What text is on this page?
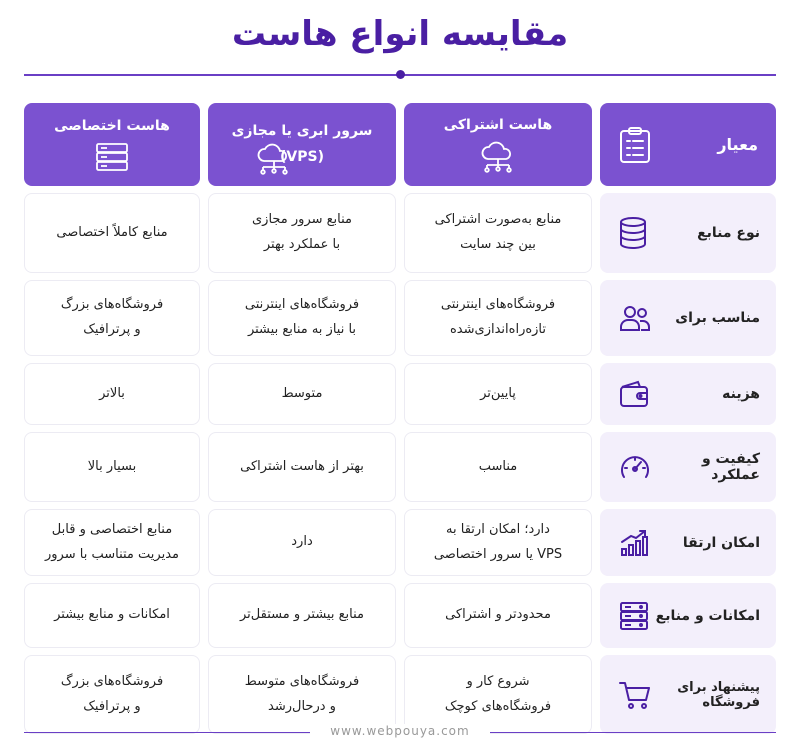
مقایسه انواع هاست
معیار
هاست اشتراکی
سرور ابری یا مجازی
(VPS)
هاست اختصاصی
نوع منابع
منابع به‌صورت اشتراکی
بین چند سایت
منابع سرور مجازی
با عملکرد بهتر
منابع کاملاً اختصاصی
مناسب برای
فروشگاه‌های اینترنتی
تازه‌راه‌اندازی‌شده
فروشگاه‌های اینترنتی
با نیاز به منابع بیشتر
فروشگاه‌های بزرگ
و پرترافیک
هزینه
پایین‌تر
متوسط
بالاتر
کیفیت و عملکرد
مناسب
بهتر از هاست اشتراکی
بسیار بالا
امکان ارتقا
دارد؛ امکان ارتقا به
VPS یا سرور اختصاصی
دارد
منابع اختصاصی و قابل
مدیریت متناسب با سرور
امکانات و منابع
محدودتر و اشتراکی
منابع بیشتر و مستقل‌تر
امکانات و منابع بیشتر
پیشنهاد برای فروشگاه
شروع کار و
فروشگاه‌های کوچک
فروشگاه‌های متوسط
و درحال‌رشد
فروشگاه‌های بزرگ
و پرترافیک
www.webpouya.com
